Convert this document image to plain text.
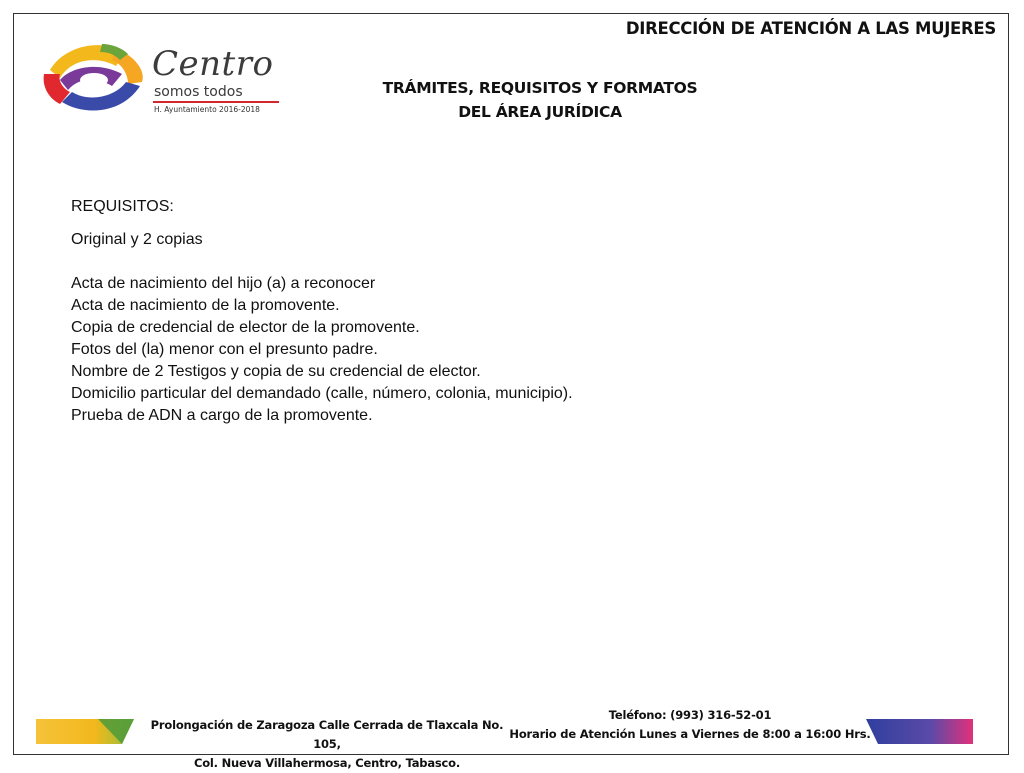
DIRECCIÓN DE ATENCIÓN A LAS MUJERES
Centro
somos todos
H. Ayuntamiento 2016-2018
TRÁMITES, REQUISITOS Y FORMATOS
DEL ÁREA JURÍDICA

REQUISITOS:

Original y 2 copias

Acta de nacimiento del hijo (a) a reconocer
Acta de nacimiento de la promovente.
Copia de credencial de elector de la promovente.
Fotos del (la) menor con el presunto padre.
Nombre de 2 Testigos y copia de su credencial de elector.
Domicilio particular del demandado (calle, número, colonia, municipio).
Prueba de ADN a cargo de la promovente.
Prolongación de Zaragoza Calle Cerrada de Tlaxcala No. 105,
Col. Nueva Villahermosa, Centro, Tabasco.
Teléfono: (993) 316-52-01
Horario de Atención Lunes a Viernes de 8:00 a 16:00 Hrs.
